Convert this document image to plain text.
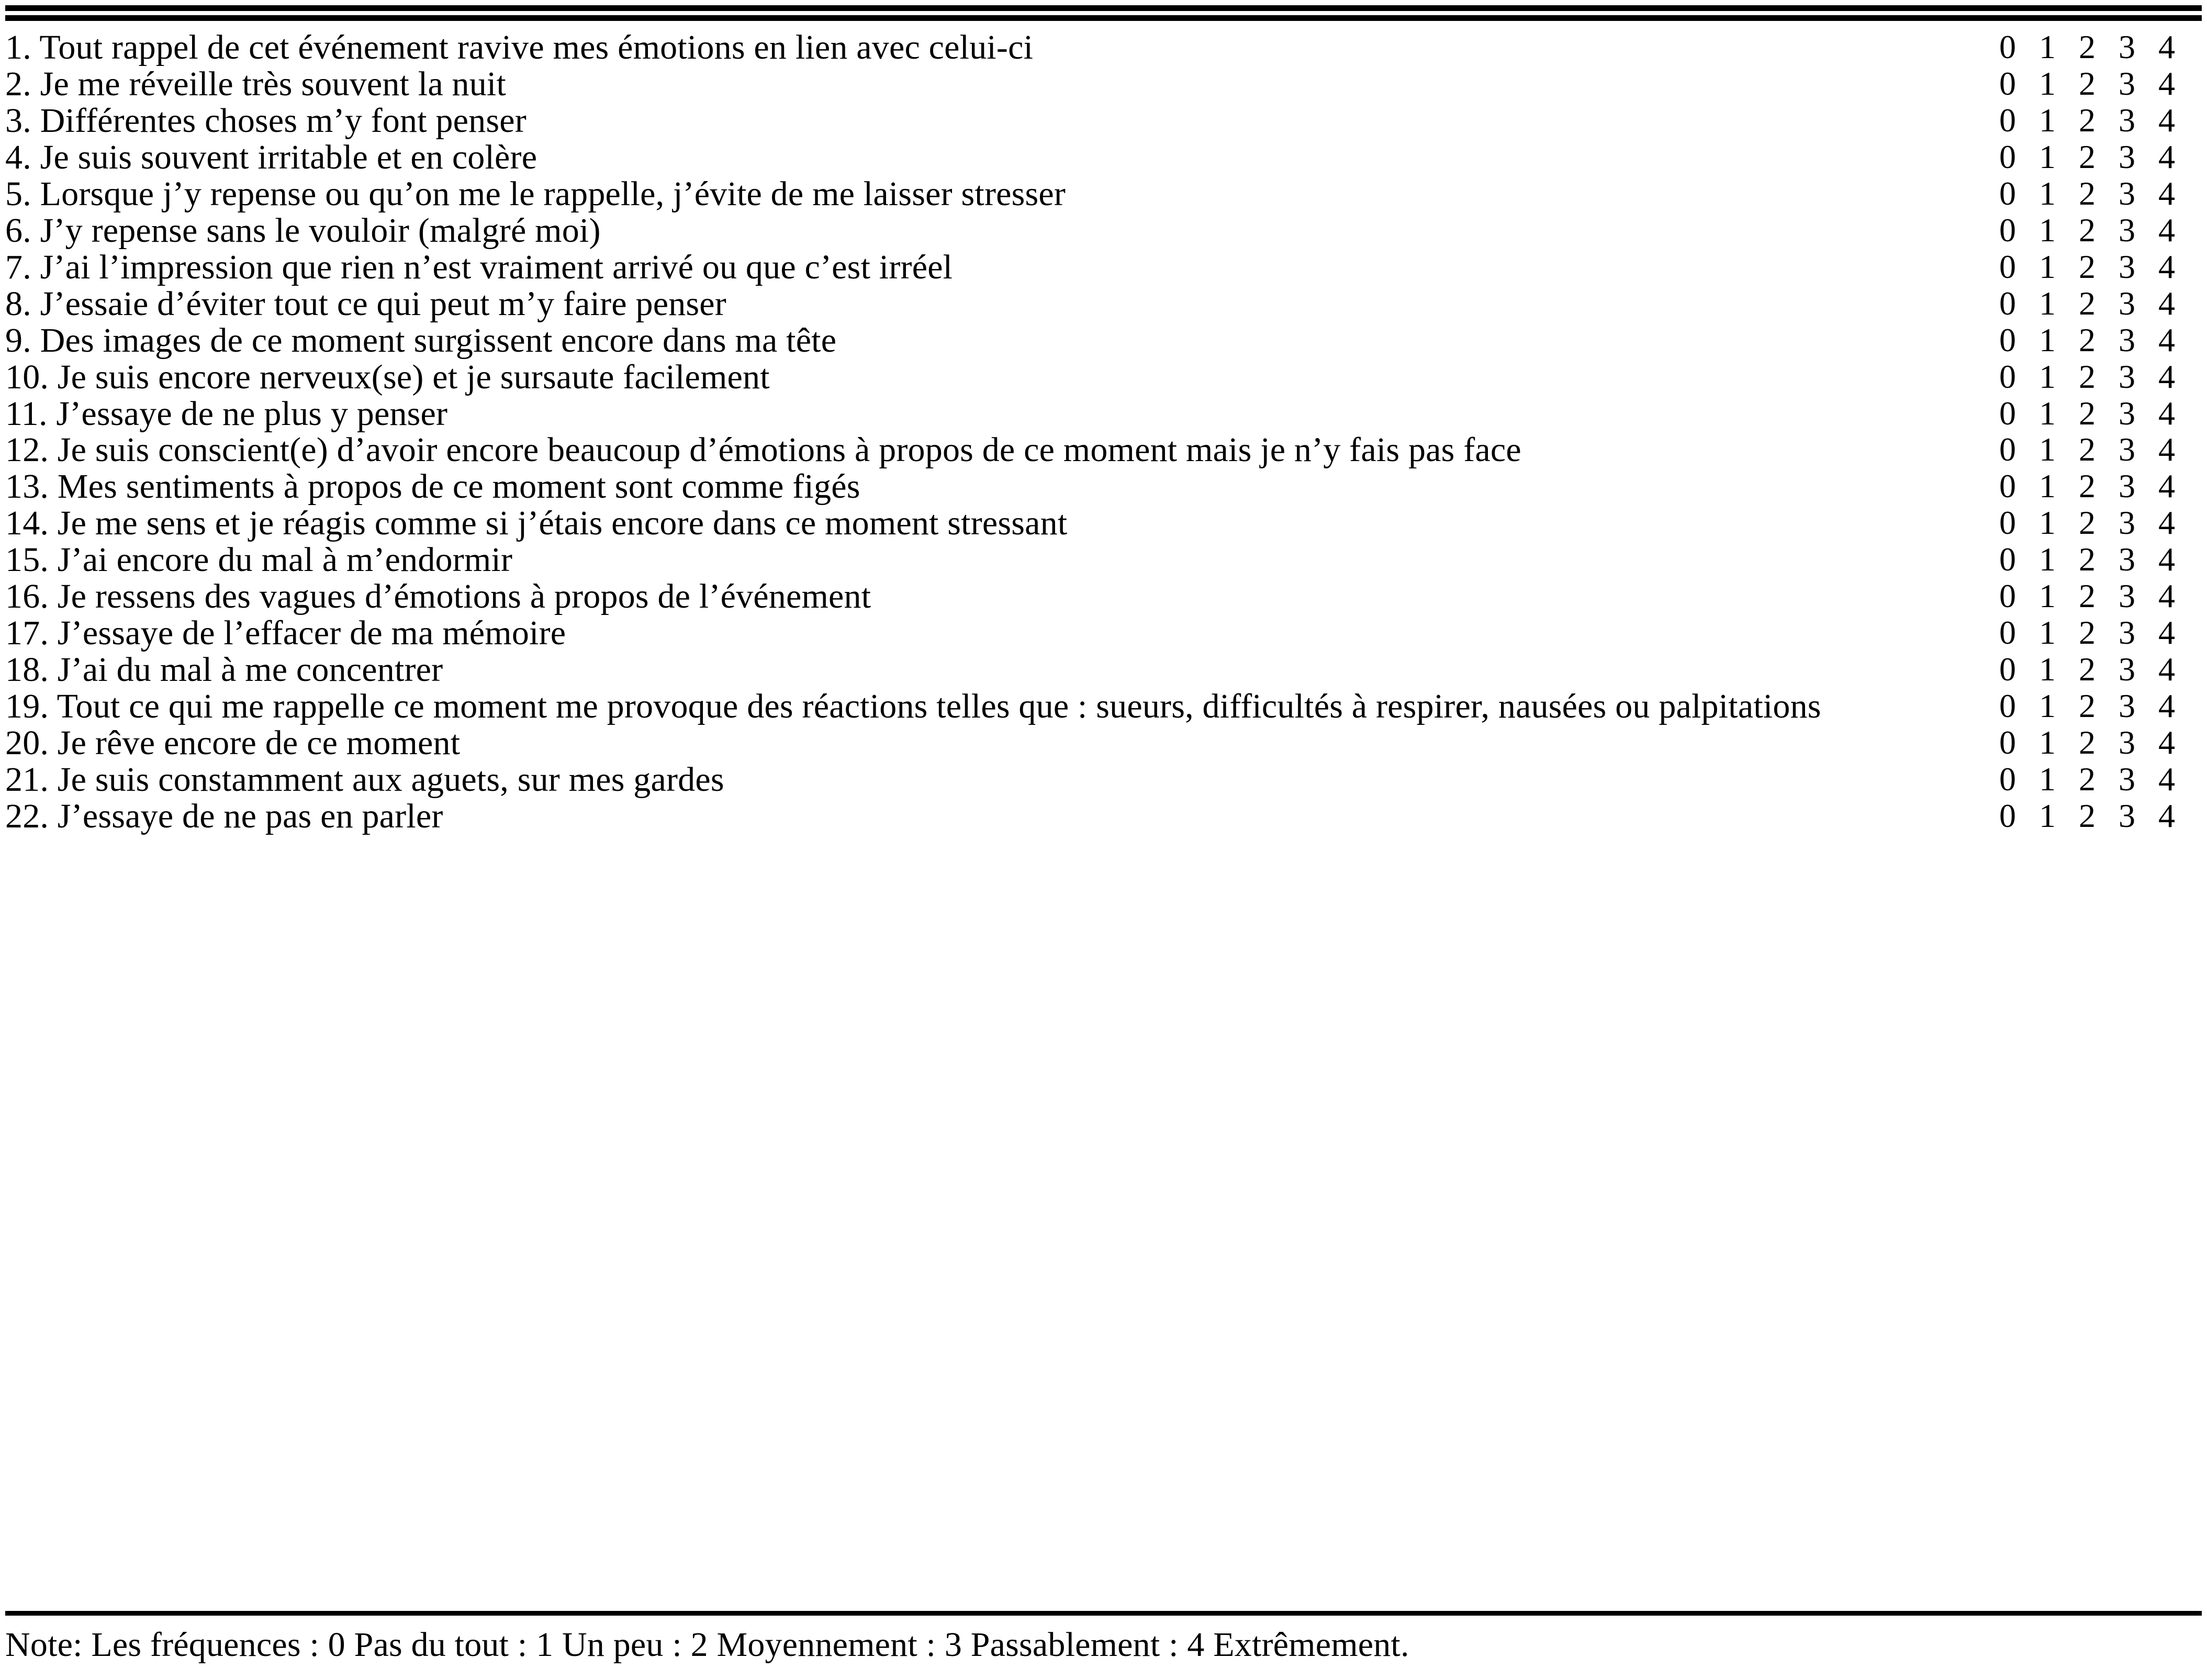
1. Tout rappel de cet événement ravive mes émotions en lien avec celui-ci	0 1 2 3 4

2. Je me réveille très souvent la nuit	0 1 2 3 4

3. Différentes choses m’y font penser	0 1 2 3 4

4. Je suis souvent irritable et en colère	0 1 2 3 4

5. Lorsque j’y repense ou qu’on me le rappelle, j’évite de me laisser stresser	0 1 2 3 4

6. J’y repense sans le vouloir (malgré moi)	0 1 2 3 4

7. J’ai l’impression que rien n’est vraiment arrivé ou que c’est irréel	0 1 2 3 4

8. J’essaie d’éviter tout ce qui peut m’y faire penser	0 1 2 3 4

9. Des images de ce moment surgissent encore dans ma tête	0 1 2 3 4

10. Je suis encore nerveux(se) et je sursaute facilement	0 1 2 3 4

11. J’essaye de ne plus y penser	0 1 2 3 4

12. Je suis conscient(e) d’avoir encore beaucoup d’émotions à propos de ce moment mais je n’y fais pas face	0 1 2 3 4

13. Mes sentiments à propos de ce moment sont comme figés	0 1 2 3 4

14. Je me sens et je réagis comme si j’étais encore dans ce moment stressant	0 1 2 3 4

15. J’ai encore du mal à m’endormir	0 1 2 3 4

16. Je ressens des vagues d’émotions à propos de l’événement	0 1 2 3 4

17. J’essaye de l’effacer de ma mémoire	0 1 2 3 4

18. J’ai du mal à me concentrer	0 1 2 3 4

19. Tout ce qui me rappelle ce moment me provoque des réactions telles que : sueurs, difficultés à respirer, nausées ou palpitations	0 1 2 3 4

20. Je rêve encore de ce moment	0 1 2 3 4

21. Je suis constamment aux aguets, sur mes gardes	0 1 2 3 4

22. J’essaye de ne pas en parler	0 1 2 3 4
Note: Les fréquences : 0 Pas du tout : 1 Un peu : 2 Moyennement : 3 Passablement : 4 Extrêmement.
